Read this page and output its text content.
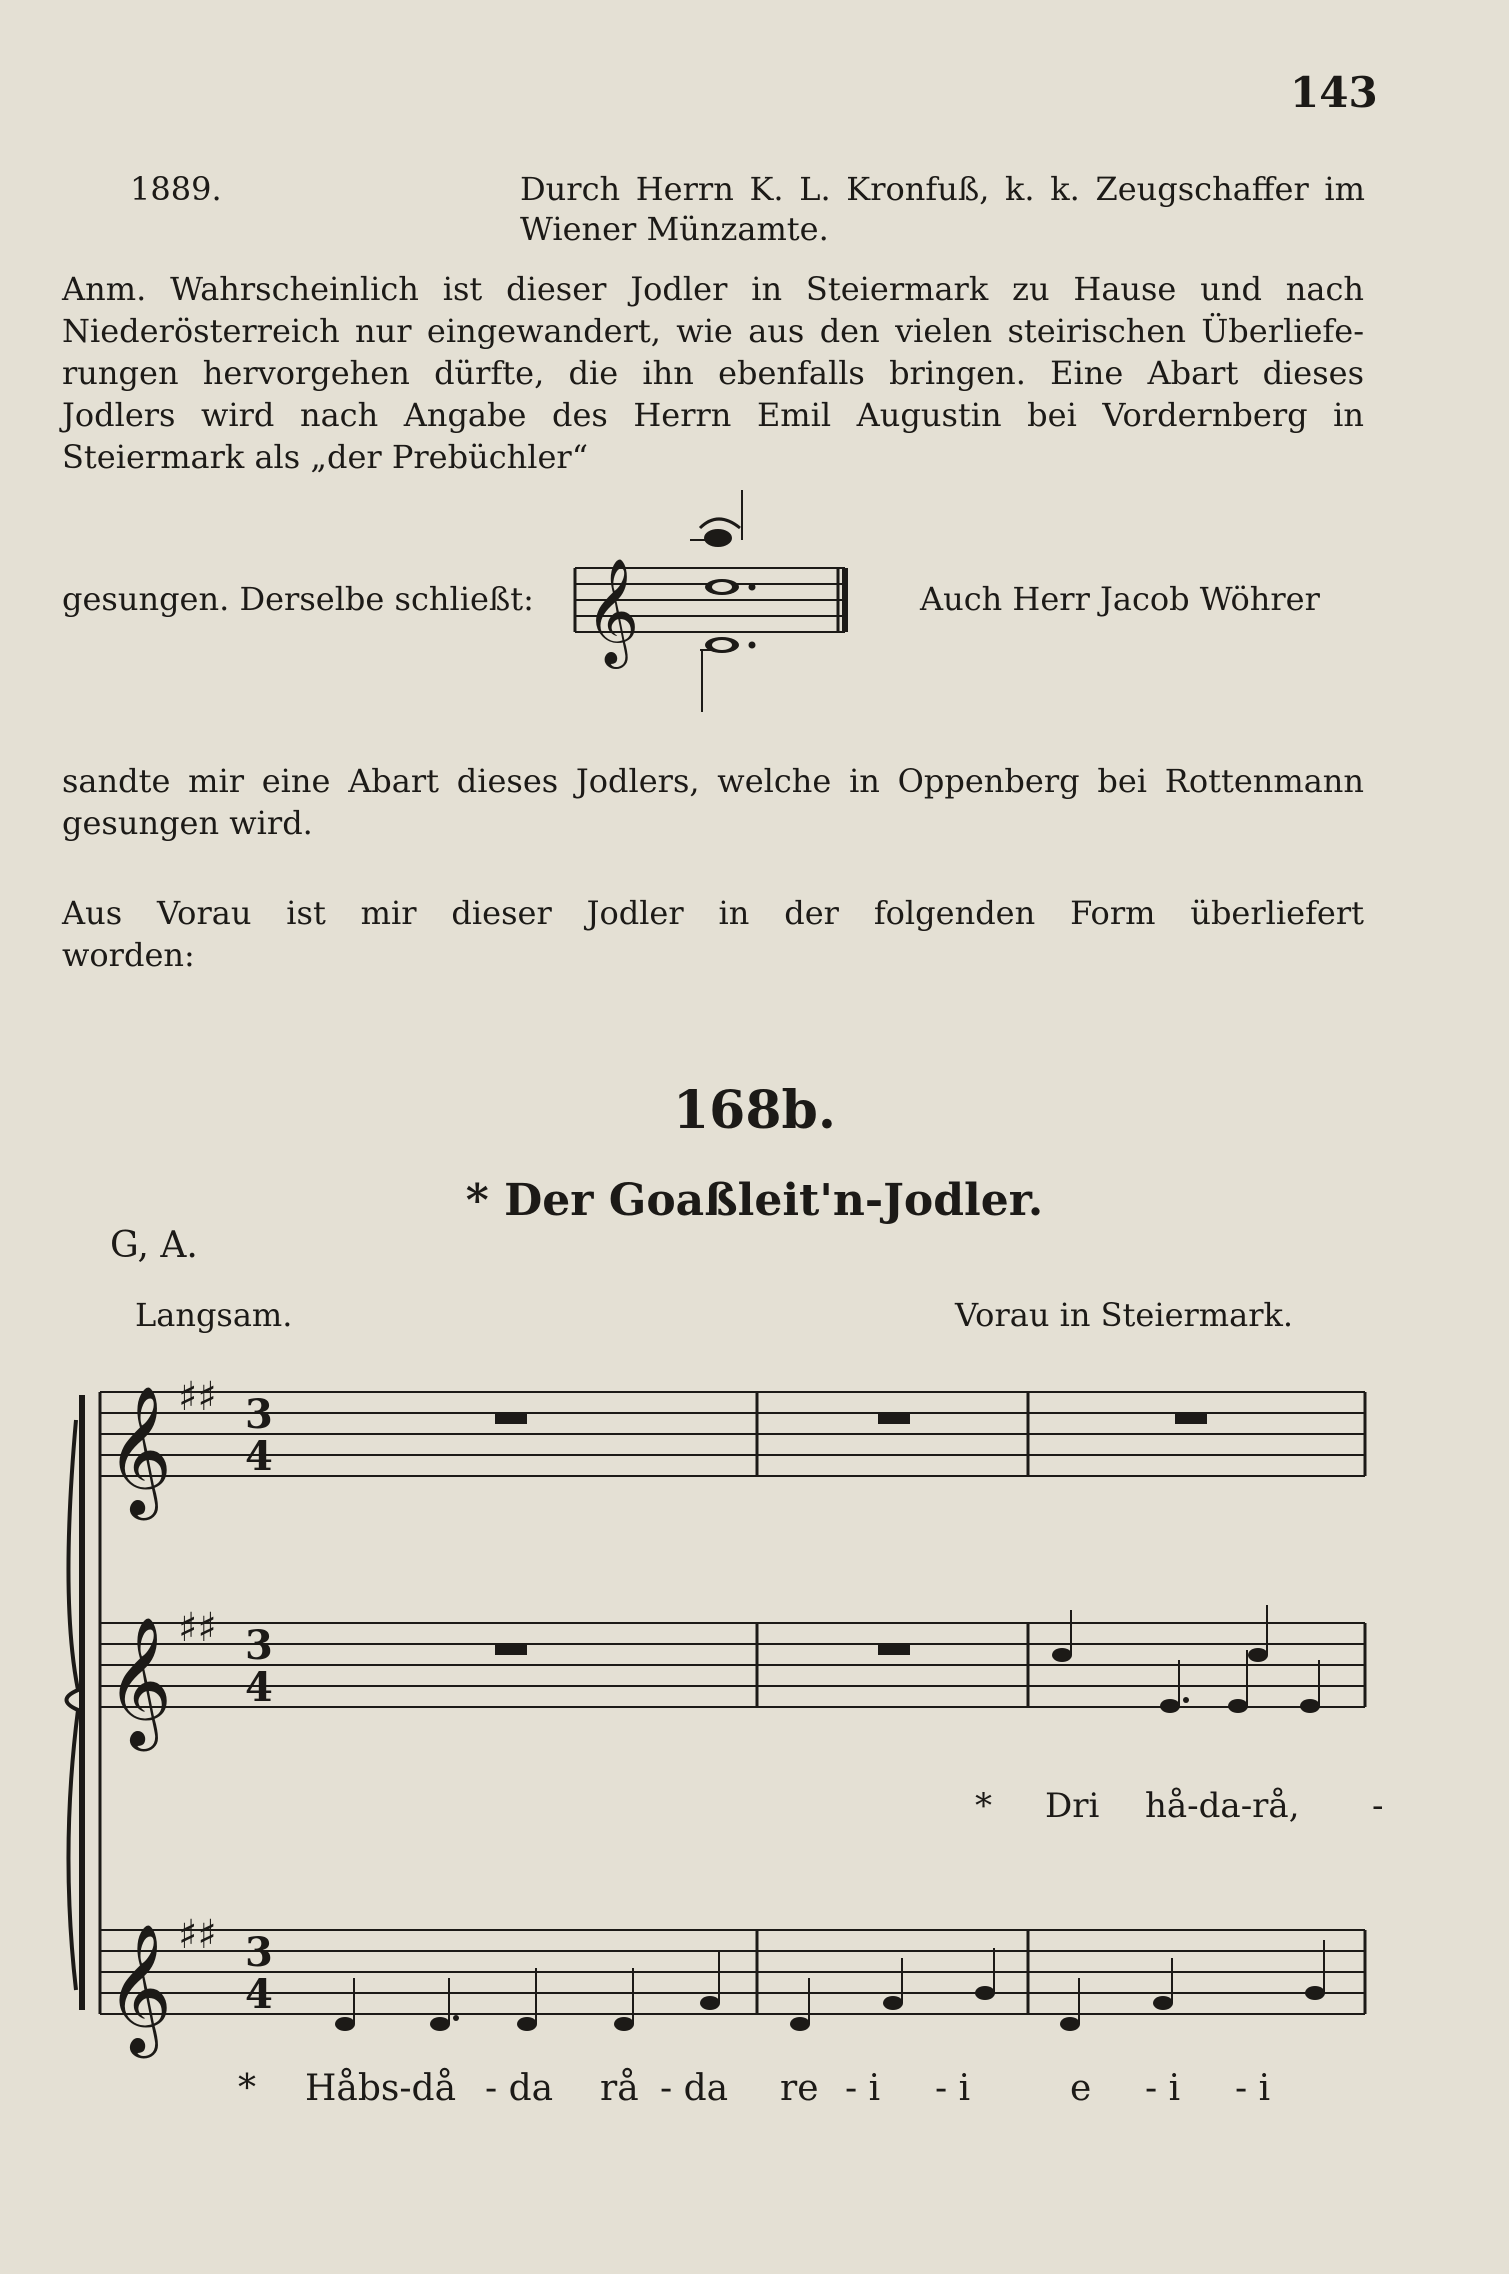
143
1889.	Durch Herrn K. L. Kronfuß, k. k. Zeugschaffer im
Wiener Münzamte.
Anm. Wahrscheinlich ist dieser Jodler in Steiermark zu Hause und nach
Niederösterreich nur eingewandert, wie aus den vielen steirischen Überliefe-
rungen hervorgehen dürfte, die ihn ebenfalls bringen. Eine Abart dieses
Jodlers wird nach Angabe des Herrn Emil Augustin bei Vordernberg in
Steiermark als „der Prebüchler“
gesungen. Derselbe schließt:	Auch Herr Jacob Wöhrer
sandte mir eine Abart dieses Jodlers, welche in Oppenberg bei Rottenmann
gesungen wird.
Aus Vorau ist mir dieser Jodler in der folgenden Form überliefert
worden:
168b.
* Der Goaßleit'n-Jodler.
G, A.
Langsam.	Vorau in Steiermark.
𝄞
𝄞 ♯♯ 3
4
𝄞 ♯♯ 3
4
𝄞 ♯♯ 3
4
* Dri hå-da-rå, -
* Håbs-då - da rå - da re - i - i	e - i - i
